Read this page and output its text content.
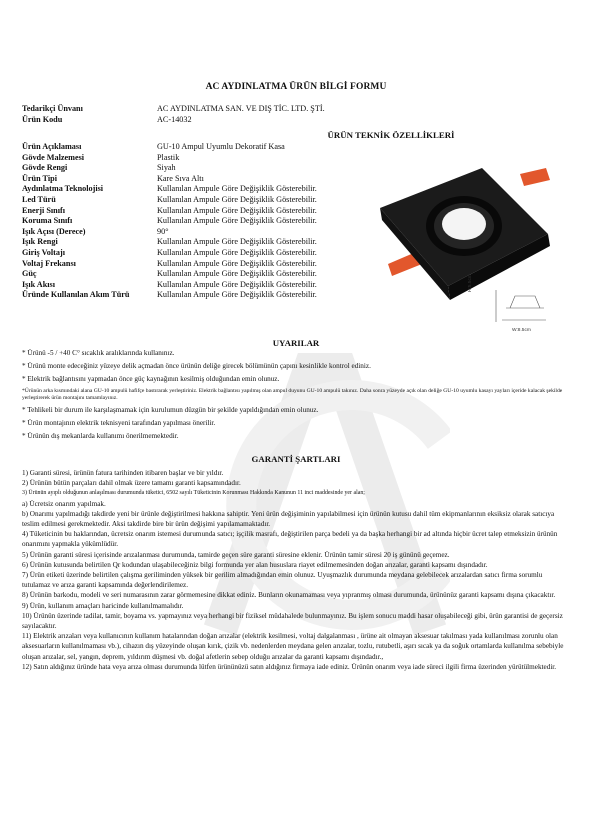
AC AYDINLATMA ÜRÜN BİLGİ FORMU
Tedarikçi Ünvanı	AC AYDINLATMA SAN. VE DIŞ TİC. LTD. ŞTİ.
Ürün Kodu	AC-14032
ÜRÜN TEKNİK ÖZELLİKLERİ
Ürün Açıklaması	GU-10 Ampul Uyumlu Dekoratif Kasa
Gövde Malzemesi	Plastik
Gövde Rengi	Siyah
Ürün Tipi	Kare Sıva Altı
Aydınlatma Teknolojisi	Kullanılan Ampule Göre Değişiklik Gösterebilir.
Led Türü	Kullanılan Ampule Göre Değişiklik Gösterebilir.
Enerji Sınıfı	Kullanılan Ampule Göre Değişiklik Gösterebilir.
Koruma Sınıfı	Kullanılan Ampule Göre Değişiklik Gösterebilir.
Işık Açısı (Derece)	90°
Işık Rengi	Kullanılan Ampule Göre Değişiklik Gösterebilir.
Giriş Voltajı	Kullanılan Ampule Göre Değişiklik Gösterebilir.
Voltaj Frekansı	Kullanılan Ampule Göre Değişiklik Gösterebilir.
Güç	Kullanılan Ampule Göre Değişiklik Gösterebilir.
Işık Akısı	Kullanılan Ampule Göre Değişiklik Gösterebilir.
Üründe Kullanılan Akım Türü	Kullanılan Ampule Göre Değişiklik Gösterebilir.
H:5.5cm
W:8.5cm
UYARILAR

* Ürünü -5 / +40 C° sıcaklık aralıklarında kullanınız.

* Ürünü monte edeceğiniz yüzeye delik açmadan önce ürünün deliğe girecek bölümünün çapını kesinlikle kontrol ediniz.

* Elektrik bağlantısını yapmadan önce güç kaynağının kesilmiş olduğundan emin olunuz.

*Ürünün arka kısmındaki alana GU-10 ampulü hafifçe bastırarak yerleştiriniz. Elektrik bağlantısı yapılmış olan ampul duyunu GU-10 ampulü takınız. Daha sonra yüzeyde açık olan deliğe GU-10 uyumlu kasayı yayları içeride kalacak şekilde yerleştirerek ürün montajını tamamlayınız.

* Tehlikeli bir durum ile karşılaşmamak için kurulumun düzgün bir şekilde yapıldığından emin olunuz.

* Ürün montajının elektrik teknisyeni tarafından yapılması önerilir.

* Ürünün dış mekanlarda kullanımı önerilmemektedir.

GARANTİ ŞARTLARI

1) Garanti süresi, ürünün fatura tarihinden itibaren başlar ve bir yıldır.

2) Ürünün bütün parçaları dahil olmak üzere tamamı garanti kapsamındadır.

3) Ürünün ayıplı olduğunun anlaşılması durumunda tüketici, 6502 sayılı Tüketicinin Korunması Hakkında Kanunun 11 inci maddesinde yer alan;

a) Ücretsiz onarım yapılmak.

b) Onarımı yapılmadığı takdirde yeni bir ürünle değiştirilmesi hakkına sahiptir. Yeni ürün değişiminin yapılabilmesi için ürünün kutusu dahil tüm ekipmanlarının eksiksiz olarak satıcıya teslim edilmesi gerekmektedir. Aksi takdirde bire bir ürün değişimi yapılamamaktadır.

4) Tüketicinin bu haklarından, ücretsiz onarım istemesi durumunda satıcı; işçilik masrafı, değiştirilen parça bedeli ya da başka herhangi bir ad altında hiçbir ücret talep etmeksizin ürünün onarımını yapmakla yükümlüdür.

5) Ürünün garanti süresi içerisinde arızalanması durumunda, tamirde geçen süre garanti süresine eklenir. Ürünün tamir süresi 20 iş gününü geçemez.

6) Ürünün kutusunda belirtilen Qr kodundan ulaşabileceğiniz bilgi formunda yer alan hususlara riayet edilmemesinden doğan arızalar, garanti kapsamı dışındadır.

7) Ürün etiketi üzerinde belirtilen çalışma geriliminden yüksek bir gerilim almadığından emin olunuz. Uyuşmazlık durumunda meydana gelebilecek arızalardan satıcı firma sorumlu tutulamaz ve arıza garanti kapsamında değerlendirilemez.

8) Ürünün barkodu, modeli ve seri numarasının zarar görmemesine dikkat ediniz. Bunların okunamaması veya yıpranmış olması durumunda, ürününüz garanti kapsamı dışına çıkacaktır.

9) Ürün, kullanım amaçları haricinde kullanılmamalıdır.

10) Ürünün üzerinde tadilat, tamir, boyama vs. yapmayınız veya herhangi bir fiziksel müdahalede bulunmayınız. Bu işlem sonucu maddi hasar oluşabileceği gibi, ürün garantisi de geçersiz sayılacaktır.

11) Elektrik arızaları veya kullanıcının kullanım hatalarından doğan arızalar (elektrik kesilmesi, voltaj dalgalanması , ürüne ait olmayan aksesuar takılması yada kullanılması zorunlu olan aksesuarların kullanılmaması vb.), cihazın dış yüzeyinde oluşan kırık, çizik vb. nedenlerden meydana gelen arızalar, tozlu, rutubetli, aşırı sıcak ya da soğuk ortamlarda kullanılma sebebiyle oluşan arızalar, sel, yangın, deprem, yıldırım düşmesi vb. doğal afetlerin sebep olduğu arızalar da garanti kapsamı dışındadır.,

12) Satın aldığınız üründe hata veya arıza olması durumunda lütfen ürününüzü satın aldığınız firmaya iade ediniz. Ürünün onarım veya iade süreci ilgili firma üzerinden yürütülmektedir.
